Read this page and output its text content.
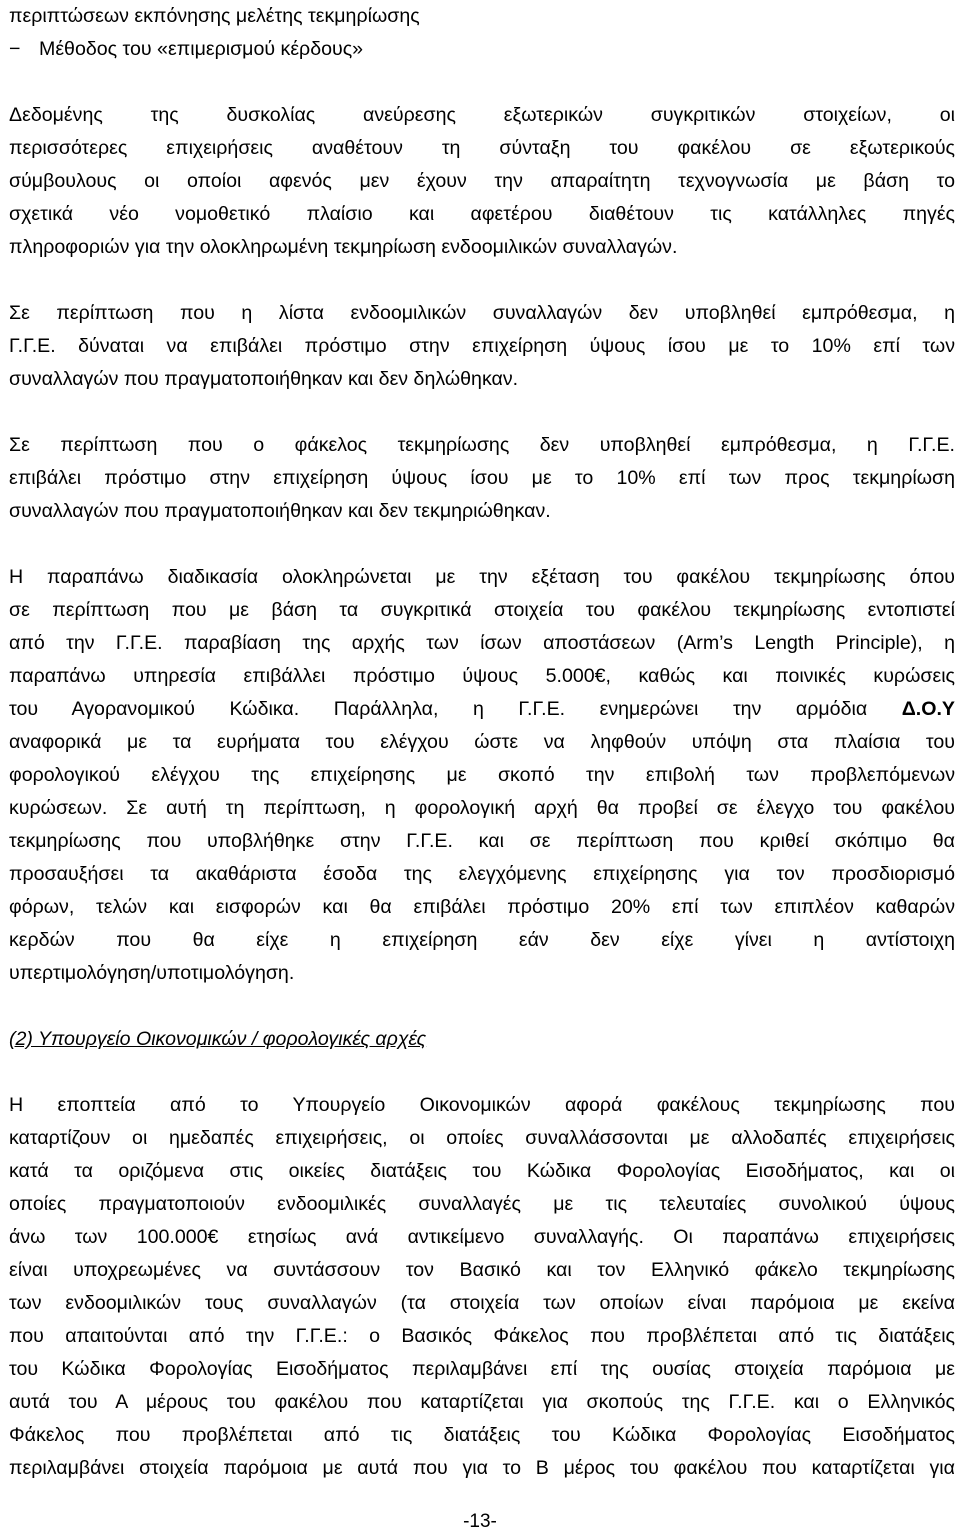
περιπτώσεων εκπόνησης μελέτης τεκμηρίωσης
− Μέθοδος του «επιμερισμού κέρδους»
Δεδομένης της δυσκολίας ανεύρεσης εξωτερικών συγκριτικών στοιχείων, οι
περισσότερες επιχειρήσεις αναθέτουν τη σύνταξη του φακέλου σε εξωτερικούς
σύμβουλους οι οποίοι αφενός μεν έχουν την απαραίτητη τεχνογνωσία με βάση το
σχετικά νέο νομοθετικό πλαίσιο και αφετέρου διαθέτουν τις κατάλληλες πηγές
πληροφοριών για την ολοκληρωμένη τεκμηρίωση ενδοομιλικών συναλλαγών.
Σε περίπτωση που η λίστα ενδοομιλικών συναλλαγών δεν υποβληθεί εμπρόθεσμα, η
Γ.Γ.Ε. δύναται να επιβάλει πρόστιμο στην επιχείρηση ύψους ίσου με το 10% επί των
συναλλαγών που πραγματοποιήθηκαν και δεν δηλώθηκαν.
Σε περίπτωση που ο φάκελος τεκμηρίωσης δεν υποβληθεί εμπρόθεσμα, η Γ.Γ.Ε.
επιβάλει πρόστιμο στην επιχείρηση ύψους ίσου με το 10% επί των προς τεκμηρίωση
συναλλαγών που πραγματοποιήθηκαν και δεν τεκμηριώθηκαν.
Η παραπάνω διαδικασία ολοκληρώνεται με την εξέταση του φακέλου τεκμηρίωσης όπου
σε περίπτωση που με βάση τα συγκριτικά στοιχεία του φακέλου τεκμηρίωσης εντοπιστεί
από την Γ.Γ.Ε. παραβίαση της αρχής των ίσων αποστάσεων (Arm’s Length Principle), η
παραπάνω υπηρεσία επιβάλλει πρόστιμο ύψους 5.000€, καθώς και ποινικές κυρώσεις
του Αγορανομικού Κώδικα. Παράλληλα, η Γ.Γ.Ε. ενημερώνει την αρμόδια Δ.Ο.Υ
αναφορικά με τα ευρήματα του ελέγχου ώστε να ληφθούν υπόψη στα πλαίσια του
φορολογικού ελέγχου της επιχείρησης με σκοπό την επιβολή των προβλεπόμενων
κυρώσεων. Σε αυτή τη περίπτωση, η φορολογική αρχή θα προβεί σε έλεγχο του φακέλου
τεκμηρίωσης που υποβλήθηκε στην Γ.Γ.Ε. και σε περίπτωση που κριθεί σκόπιμο θα
προσαυξήσει τα ακαθάριστα έσοδα της ελεγχόμενης επιχείρησης για τον προσδιορισμό
φόρων, τελών και εισφορών και θα επιβάλει πρόστιμο 20% επί των επιπλέον καθαρών
κερδών που θα είχε η επιχείρηση εάν δεν είχε γίνει η αντίστοιχη
υπερτιμολόγηση/υποτιμολόγηση.
(2) Υπουργείο Οικονομικών / φορολογικές αρχές
Η εποπτεία από το Υπουργείο Οικονομικών αφορά φακέλους τεκμηρίωσης που
καταρτίζουν οι ημεδαπές επιχειρήσεις, οι οποίες συναλλάσσονται με αλλοδαπές επιχειρήσεις
κατά τα οριζόμενα στις οικείες διατάξεις του Κώδικα Φορολογίας Εισοδήματος, και οι
οποίες πραγματοποιούν ενδοομιλικές συναλλαγές με τις τελευταίες συνολικού ύψους
άνω των 100.000€ ετησίως ανά αντικείμενο συναλλαγής. Οι παραπάνω επιχειρήσεις
είναι υποχρεωμένες να συντάσσουν τον Βασικό και τον Ελληνικό φάκελο τεκμηρίωσης
των ενδοομιλικών τους συναλλαγών (τα στοιχεία των οποίων είναι παρόμοια με εκείνα
που απαιτούνται από την Γ.Γ.Ε.: ο Βασικός Φάκελος που προβλέπεται από τις διατάξεις
του Κώδικα Φορολογίας Εισοδήματος περιλαμβάνει επί της ουσίας στοιχεία παρόμοια με
αυτά του Α μέρους του φακέλου που καταρτίζεται για σκοπούς της Γ.Γ.Ε. και ο Ελληνικός
Φάκελος που προβλέπεται από τις διατάξεις του Κώδικα Φορολογίας Εισοδήματος
περιλαμβάνει στοιχεία παρόμοια με αυτά που για το Β μέρος του φακέλου που καταρτίζεται για
-13-
